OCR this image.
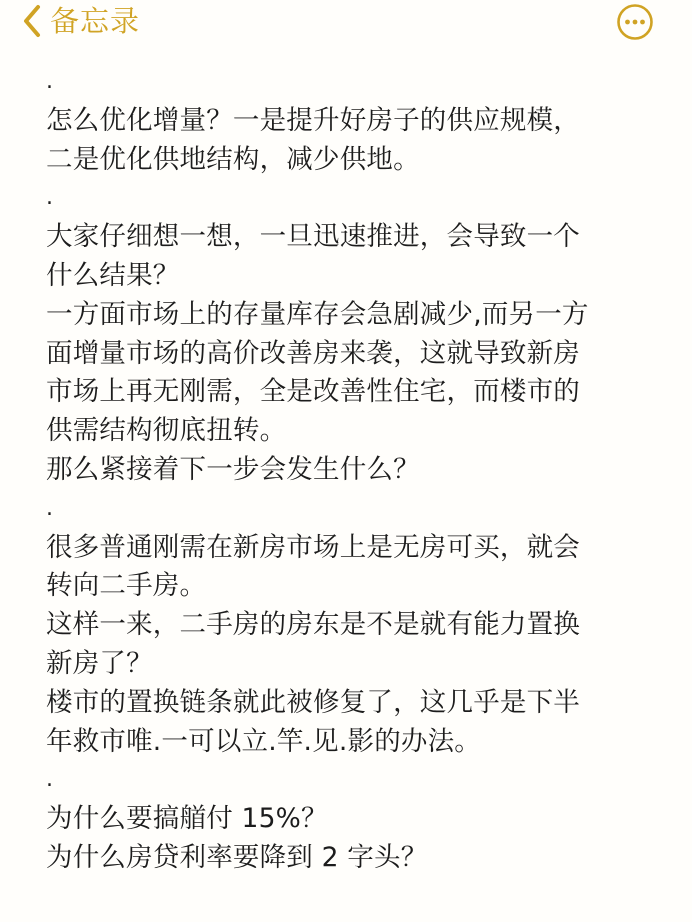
备忘录
.
怎么优化增量？一是提升好房子的供应规模，
二是优化供地结构，减少供地。
.
大家仔细想一想，一旦迅速推进，会导致一个
什么结果？
一方面市场上的存量库存会急剧减少,而另一方
面增量市场的高价改善房来袭，这就导致新房
市场上再无刚需，全是改善性住宅，而楼市的
供需结构彻底扭转。
那么紧接着下一步会发生什么？
.
很多普通刚需在新房市场上是无房可买，就会
转向二手房。
这样一来，二手房的房东是不是就有能力置换
新房了？
楼市的置换链条就此被修复了，这几乎是下半
年救市唯.一可以立.竿.见.影的办法。
.
为什么要搞艏付 15%？
为什么房贷利率要降到 2 字头？
